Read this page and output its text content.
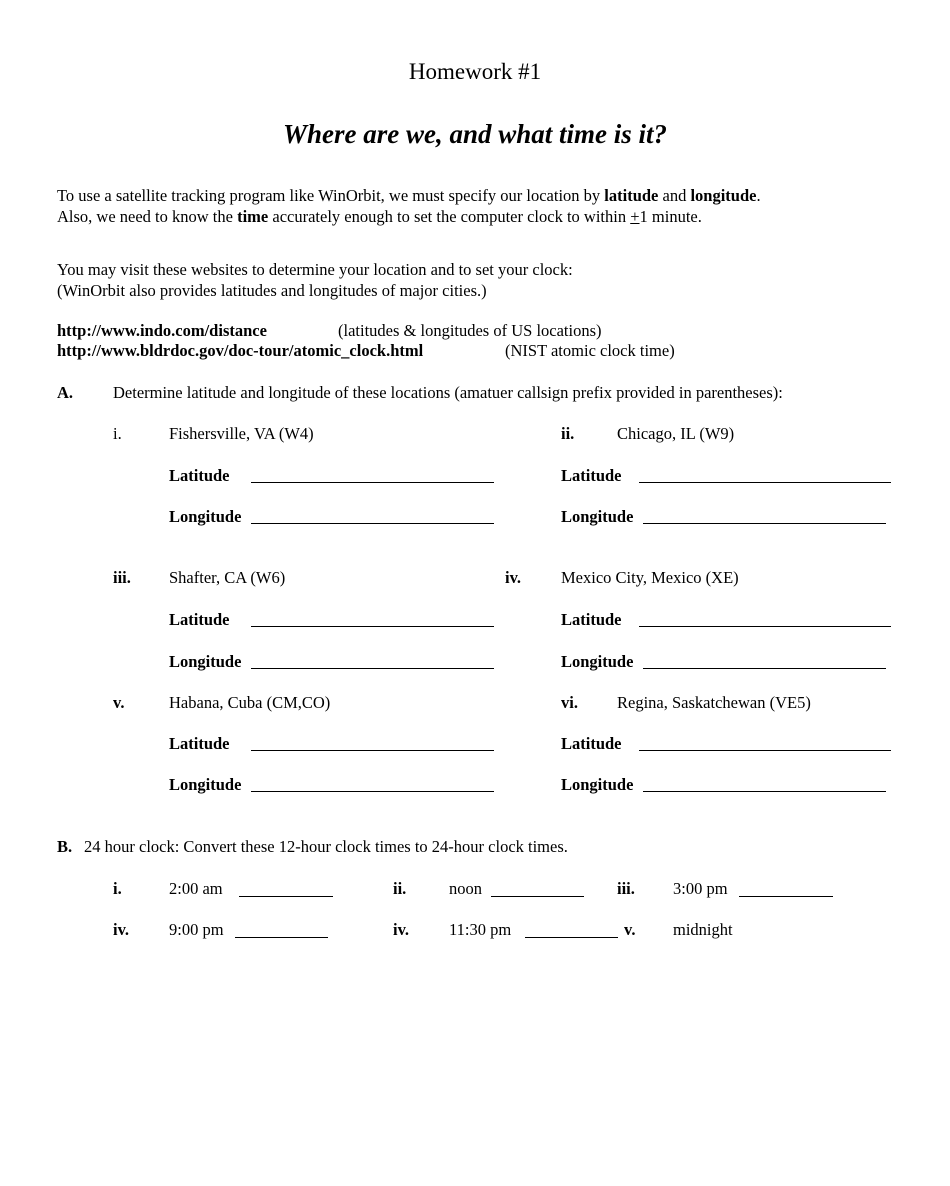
Homework #1
Where are we, and what time is it?
To use a satellite tracking program like WinOrbit, we must specify our location by latitude and longitude.
Also, we need to know the time accurately enough to set the computer clock to within +1 minute.
You may visit these websites to determine your location and to set your clock:
(WinOrbit also provides latitudes and longitudes of major cities.)
http://www.indo.com/distance	(latitudes & longitudes of US locations)
http://www.bldrdoc.gov/doc-tour/atomic_clock.html	(NIST atomic clock time)
A. Determine latitude and longitude of these locations (amatuer callsign prefix provided in parentheses):
i.	Fishersville, VA (W4)
Latitude
Longitude
ii.	Chicago, IL (W9)
Latitude
Longitude
iii. Shafter, CA (W6)
Latitude
Longitude
iv. Mexico City, Mexico (XE)
Latitude
Longitude
v.	Habana, Cuba (CM,CO)
Latitude
Longitude
vi. Regina, Saskatchewan (VE5)
Latitude
Longitude
B. 24 hour clock: Convert these 12-hour clock times to 24-hour clock times.
i.	2:00 am	ii.	noon	iii. 3:00 pm
iv. 9:00 pm	iv. 11:30 pm	v. midnight
